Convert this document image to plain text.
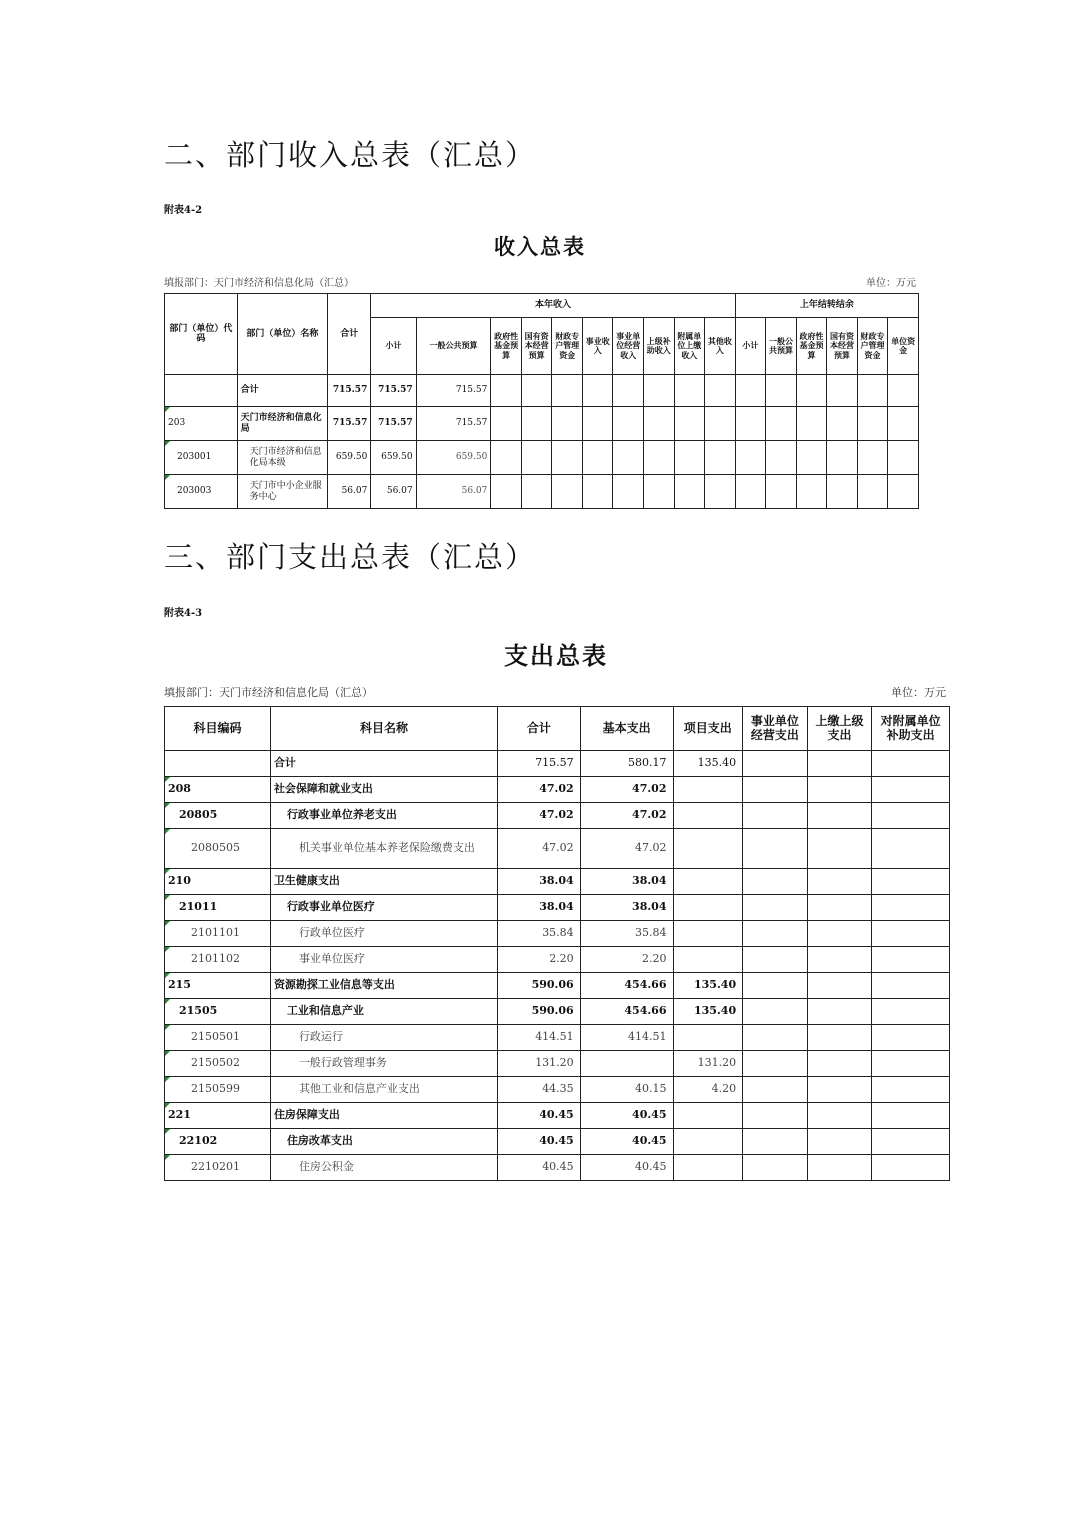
二、部门收入总表（汇总）
附表4-2
收入总表
填报部门：天门市经济和信息化局（汇总）	单位：万元
部门（单位）代码	部门（单位）名称	合计	本年收入										上年结转结余					
			小计	一般公共预算	政府性基金预算	国有资本经营预算	财政专户管理资金	事业收入	事业单位经营收入	上级补助收入	附属单位上缴收入	其他收入	小计	一般公共预算	政府性基金预算	国有资本经营预算	财政专户管理资金	单位资金
	合计	715.57	715.57	715.57														
203	天门市经济和信息化局	715.57	715.57	715.57														
203001	天门市经济和信息化局本级	659.50	659.50	659.50														
203003	天门市中小企业服务中心	56.07	56.07	56.07														
三、部门支出总表（汇总）
附表4-3
支出总表
填报部门：天门市经济和信息化局（汇总）	单位：万元
科目编码	科目名称	合计	基本支出	项目支出	事业单位经营支出	上缴上级支出	对附属单位补助支出
	合计	715.57	580.17	135.40			
208	社会保障和就业支出	47.02	47.02				
20805	行政事业单位养老支出	47.02	47.02				
2080505	机关事业单位基本养老保险缴费支出	47.02	47.02				
210	卫生健康支出	38.04	38.04				
21011	行政事业单位医疗	38.04	38.04				
2101101	行政单位医疗	35.84	35.84				
2101102	事业单位医疗	2.20	2.20				
215	资源勘探工业信息等支出	590.06	454.66	135.40			
21505	工业和信息产业	590.06	454.66	135.40			
2150501	行政运行	414.51	414.51				
2150502	一般行政管理事务	131.20		131.20			
2150599	其他工业和信息产业支出	44.35	40.15	4.20			
221	住房保障支出	40.45	40.45				
22102	住房改革支出	40.45	40.45				
2210201	住房公积金	40.45	40.45				
